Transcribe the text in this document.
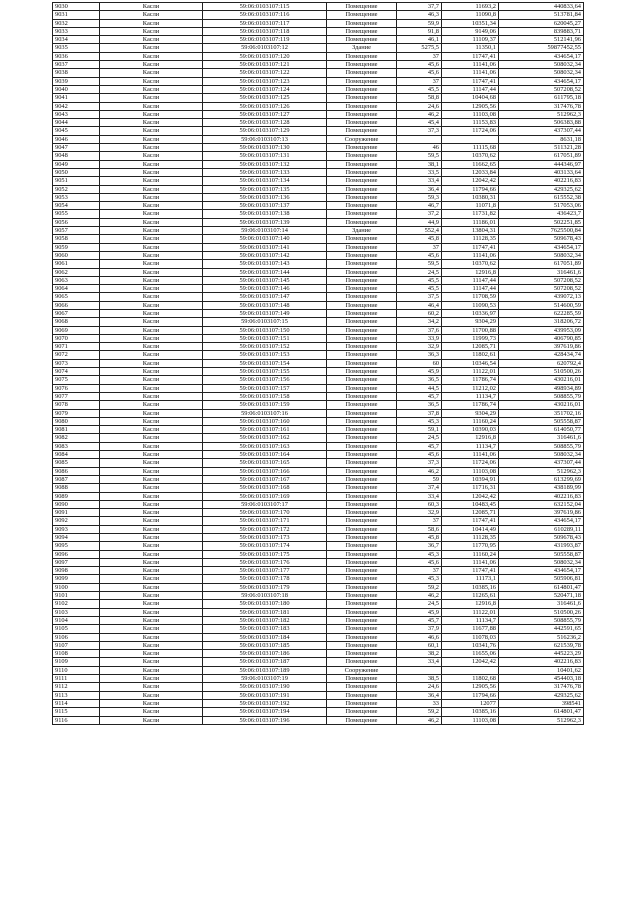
9030	Касли	59:06:0103107:115	Помещение	37,7	11693,2	440833,64
9031	Касли	59:06:0103107:116	Помещение	46,3	11090,8	513781,84
9032	Касли	59:06:0103107:117	Помещение	59,9	10351,34	620045,27
9033	Касли	59:06:0103107:118	Помещение	91,8	9149,06	839883,71
9034	Касли	59:06:0103107:119	Помещение	46,1	11109,37	512141,96
9035	Касли	59:06:0103107:12	Здание	5275,5	11350,1	59877452,55
9036	Касли	59:06:0103107:120	Помещение	37	11747,41	434654,17
9037	Касли	59:06:0103107:121	Помещение	45,6	11141,06	508032,34
9038	Касли	59:06:0103107:122	Помещение	45,6	11141,06	508032,34
9039	Касли	59:06:0103107:123	Помещение	37	11747,41	434654,17
9040	Касли	59:06:0103107:124	Помещение	45,5	11147,44	507208,52
9041	Касли	59:06:0103107:125	Помещение	58,8	10404,68	611795,18
9042	Касли	59:06:0103107:126	Помещение	24,6	12905,56	317476,78
9043	Касли	59:06:0103107:127	Помещение	46,2	11103,08	512962,3
9044	Касли	59:06:0103107:128	Помещение	45,4	11153,83	506383,88
9045	Касли	59:06:0103107:129	Помещение	37,3	11724,06	437307,44
9046	Касли	59:06:0103107:13	Сооружение			8631,18
9047	Касли	59:06:0103107:130	Помещение	46	11115,68	511321,28
9048	Касли	59:06:0103107:131	Помещение	59,5	10370,62	617051,89
9049	Касли	59:06:0103107:132	Помещение	38,1	11662,65	444346,97
9050	Касли	59:06:0103107:133	Помещение	33,5	12033,84	403133,64
9051	Касли	59:06:0103107:134	Помещение	33,4	12042,42	402216,83
9052	Касли	59:06:0103107:135	Помещение	36,4	11794,66	429325,62
9053	Касли	59:06:0103107:136	Помещение	59,3	10380,31	615552,38
9054	Касли	59:06:0103107:137	Помещение	46,7	11071,8	517053,06
9055	Касли	59:06:0103107:138	Помещение	37,2	11731,82	436423,7
9056	Касли	59:06:0103107:139	Помещение	44,9	11186,01	502251,85
9057	Касли	59:06:0103107:14	Здание	552,4	13804,31	7625500,84
9058	Касли	59:06:0103107:140	Помещение	45,8	11128,35	509678,43
9059	Касли	59:06:0103107:141	Помещение	37	11747,41	434654,17
9060	Касли	59:06:0103107:142	Помещение	45,6	11141,06	508032,34
9061	Касли	59:06:0103107:143	Помещение	59,5	10370,62	617051,89
9062	Касли	59:06:0103107:144	Помещение	24,5	12916,8	316461,6
9063	Касли	59:06:0103107:145	Помещение	45,5	11147,44	507208,52
9064	Касли	59:06:0103107:146	Помещение	45,5	11147,44	507208,52
9065	Касли	59:06:0103107:147	Помещение	37,5	11708,59	439072,13
9066	Касли	59:06:0103107:148	Помещение	46,4	11090,53	514600,59
9067	Касли	59:06:0103107:149	Помещение	60,2	10336,97	622285,59
9068	Касли	59:06:0103107:15	Помещение	34,2	9304,29	318206,72
9069	Касли	59:06:0103107:150	Помещение	37,6	11700,88	439953,09
9070	Касли	59:06:0103107:151	Помещение	33,9	11999,73	406790,85
9071	Касли	59:06:0103107:152	Помещение	32,9	12085,71	397619,86
9072	Касли	59:06:0103107:153	Помещение	36,3	11802,61	428434,74
9073	Касли	59:06:0103107:154	Помещение	60	10346,54	620792,4
9074	Касли	59:06:0103107:155	Помещение	45,9	11122,01	510500,26
9075	Касли	59:06:0103107:156	Помещение	36,5	11786,74	430216,01
9076	Касли	59:06:0103107:157	Помещение	44,5	11212,02	498934,89
9077	Касли	59:06:0103107:158	Помещение	45,7	11134,7	508855,79
9078	Касли	59:06:0103107:159	Помещение	36,5	11786,74	430216,01
9079	Касли	59:06:0103107:16	Помещение	37,8	9304,29	351702,16
9080	Касли	59:06:0103107:160	Помещение	45,3	11160,24	505558,87
9081	Касли	59:06:0103107:161	Помещение	59,1	10390,03	614050,77
9082	Касли	59:06:0103107:162	Помещение	24,5	12916,8	316461,6
9083	Касли	59:06:0103107:163	Помещение	45,7	11134,7	508855,79
9084	Касли	59:06:0103107:164	Помещение	45,6	11141,06	508032,34
9085	Касли	59:06:0103107:165	Помещение	37,3	11724,06	437307,44
9086	Касли	59:06:0103107:166	Помещение	46,2	11103,08	512962,3
9087	Касли	59:06:0103107:167	Помещение	59	10394,91	613299,69
9088	Касли	59:06:0103107:168	Помещение	37,4	11716,31	438189,99
9089	Касли	59:06:0103107:169	Помещение	33,4	12042,42	402216,83
9090	Касли	59:06:0103107:17	Помещение	60,3	10483,45	632152,04
9091	Касли	59:06:0103107:170	Помещение	32,9	12085,71	397619,86
9092	Касли	59:06:0103107:171	Помещение	37	11747,41	434654,17
9093	Касли	59:06:0103107:172	Помещение	58,6	10414,49	610289,11
9094	Касли	59:06:0103107:173	Помещение	45,8	11128,35	509678,43
9095	Касли	59:06:0103107:174	Помещение	36,7	11770,95	431993,87
9096	Касли	59:06:0103107:175	Помещение	45,3	11160,24	505558,87
9097	Касли	59:06:0103107:176	Помещение	45,6	11141,06	508032,34
9098	Касли	59:06:0103107:177	Помещение	37	11747,41	434654,17
9099	Касли	59:06:0103107:178	Помещение	45,3	11173,1	505906,81
9100	Касли	59:06:0103107:179	Помещение	59,2	10385,16	614801,47
9101	Касли	59:06:0103107:18	Помещение	46,2	11265,61	520471,18
9102	Касли	59:06:0103107:180	Помещение	24,5	12916,8	316461,6
9103	Касли	59:06:0103107:181	Помещение	45,9	11122,01	510500,26
9104	Касли	59:06:0103107:182	Помещение	45,7	11134,7	508855,79
9105	Касли	59:06:0103107:183	Помещение	37,9	11677,88	442591,65
9106	Касли	59:06:0103107:184	Помещение	46,6	11078,03	516236,2
9107	Касли	59:06:0103107:185	Помещение	60,1	10341,76	621539,78
9108	Касли	59:06:0103107:186	Помещение	38,2	11655,06	445223,29
9109	Касли	59:06:0103107:187	Помещение	33,4	12042,42	402216,83
9110	Касли	59:06:0103107:189	Сооружение			10401,62
9111	Касли	59:06:0103107:19	Помещение	38,5	11802,68	454403,18
9112	Касли	59:06:0103107:190	Помещение	24,6	12905,56	317476,78
9113	Касли	59:06:0103107:191	Помещение	36,4	11794,66	429325,62
9114	Касли	59:06:0103107:192	Помещение	33	12077	398541
9115	Касли	59:06:0103107:194	Помещение	59,2	10385,16	614801,47
9116	Касли	59:06:0103107:196	Помещение	46,2	11103,08	512962,3
